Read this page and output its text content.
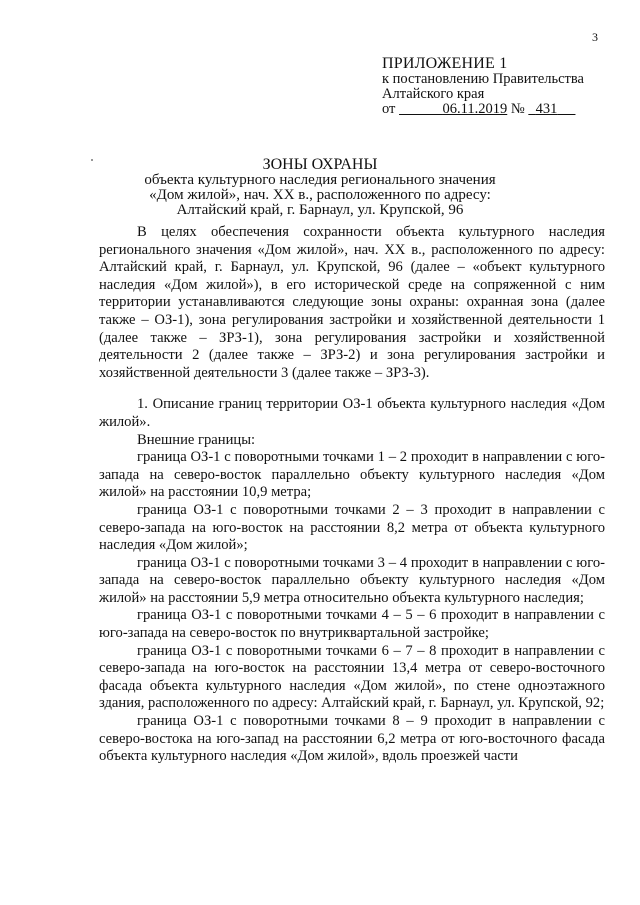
3
ПРИЛОЖЕНИЕ 1
к постановлению Правительства
Алтайского края
от	06.11.2019 № 431
ЗОНЫ ОХРАНЫ
объекта культурного наследия регионального значения
«Дом жилой», нач. XX в., расположенного по адресу:
Алтайский край, г. Барнаул, ул. Крупской, 96

В целях обеспечения сохранности объекта культурного наследия регионального значения «Дом жилой», нач. XX в., расположенного по адресу: Алтайский край, г. Барнаул, ул. Крупской, 96 (далее – «объект культурного наследия «Дом жилой»), в его исторической среде на сопряженной с ним территории устанавливаются следующие зоны охраны: охранная зона (далее также – ОЗ-1), зона регулирования застройки и хозяйственной деятельности 1 (далее также – ЗРЗ-1), зона регулирования застройки и хозяйственной деятельности 2 (далее также – ЗРЗ-2) и зона регулирования застройки и хозяйственной деятельности 3 (далее также – ЗРЗ-3).

1. Описание границ территории ОЗ-1 объекта культурного наследия «Дом жилой».

Внешние границы:

граница ОЗ-1 с поворотными точками 1 – 2 проходит в направлении с юго-запада на северо-восток параллельно объекту культурного наследия «Дом жилой» на расстоянии 10,9 метра;

граница ОЗ-1 с поворотными точками 2 – 3 проходит в направлении с северо-запада на юго-восток на расстоянии 8,2 метра от объекта культурного наследия «Дом жилой»;

граница ОЗ-1 с поворотными точками 3 – 4 проходит в направлении с юго-запада на северо-восток параллельно объекту культурного наследия «Дом жилой» на расстоянии 5,9 метра относительно объекта культурного наследия;

граница ОЗ-1 с поворотными точками 4 – 5 – 6 проходит в направлении с юго-запада на северо-восток по внутриквартальной застройке;

граница ОЗ-1 с поворотными точками 6 – 7 – 8 проходит в направлении с северо-запада на юго-восток на расстоянии 13,4 метра от северо-восточного фасада объекта культурного наследия «Дом жилой», по стене одноэтажного здания, расположенного по адресу: Алтайский край, г. Барнаул, ул. Крупской, 92;

граница ОЗ-1 с поворотными точками 8 – 9 проходит в направлении с северо-востока на юго-запад на расстоянии 6,2 метра от юго-восточного фасада объекта культурного наследия «Дом жилой», вдоль проезжей части
